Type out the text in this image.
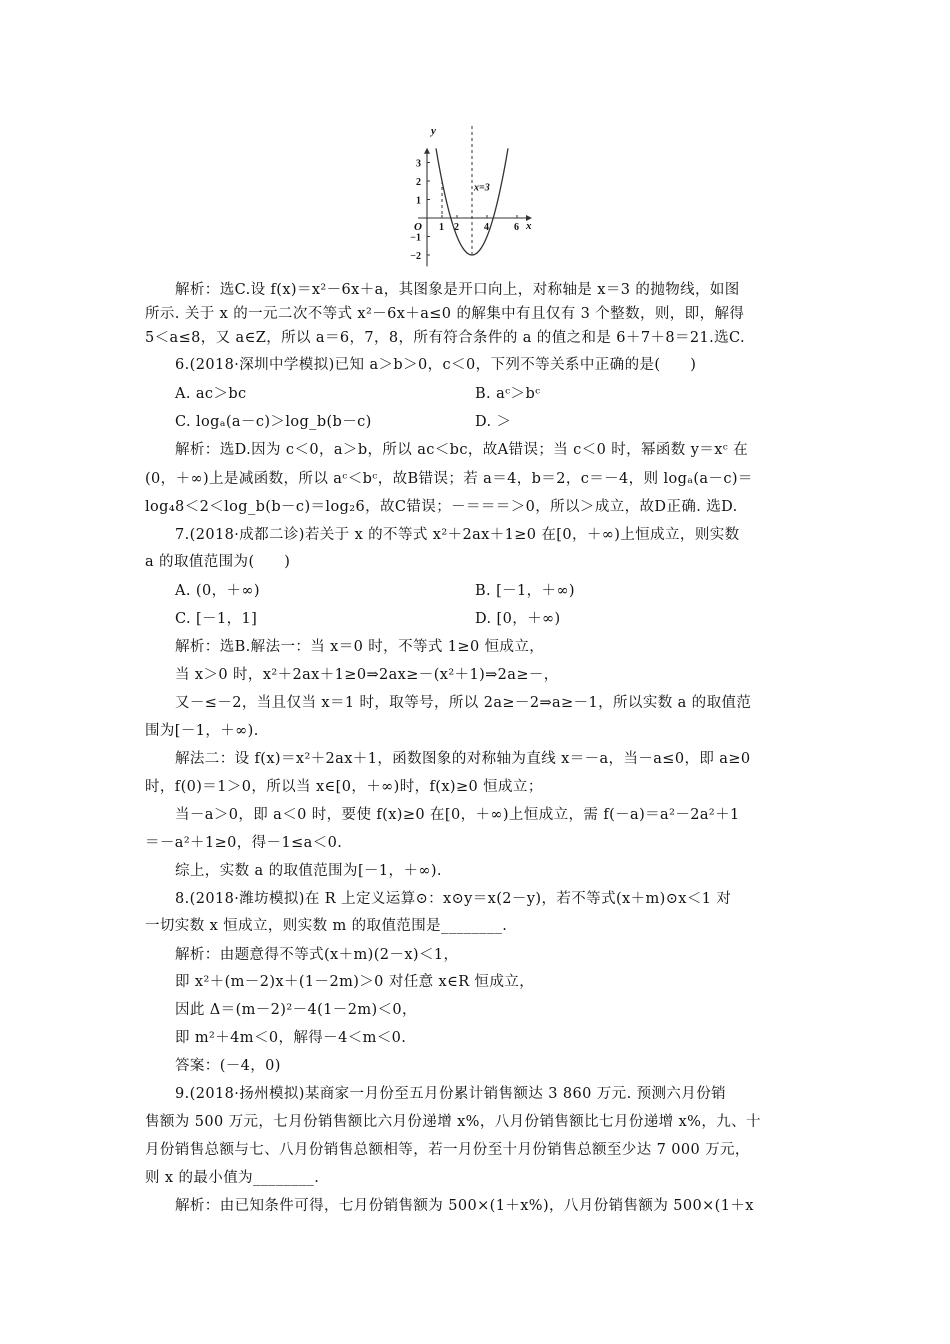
1 2	4	6
3
2
1
−1
−2
x=3
y
x
O
解析：选C.设 f(x)＝x²－6x＋a，其图象是开口向上，对称轴是 x＝3 的抛物线，如图
所示. 关于 x 的一元二次不等式 x²－6x＋a≤0 的解集中有且仅有 3 个整数，则，即，解得
5＜a≤8，又 a∈Z，所以 a＝6，7，8，所有符合条件的 a 的值之和是 6＋7＋8＝21.选C.
6.(2018·深圳中学模拟)已知 a＞b＞0，c＜0，下列不等关系中正确的是(　　)
A. ac＞bc	B. aᶜ＞bᶜ
C. logₐ(a－c)＞log_b(b－c)	D. ＞
解析：选D.因为 c＜0，a＞b，所以 ac＜bc，故A错误；当 c＜0 时，幂函数 y＝xᶜ 在
(0，＋∞)上是减函数，所以 aᶜ＜bᶜ，故B错误；若 a＝4，b＝2，c＝－4，则 logₐ(a－c)＝
log₄8＜2＜log_b(b－c)＝log₂6，故C错误；－＝＝＝＞0，所以＞成立，故D正确. 选D.
7.(2018·成都二诊)若关于 x 的不等式 x²＋2ax＋1≥0 在[0，＋∞)上恒成立，则实数
a 的取值范围为(　　)
A. (0，＋∞)	B. [－1，＋∞)
C. [－1，1]	D. [0，＋∞)
解析：选B.解法一：当 x＝0 时，不等式 1≥0 恒成立，
当 x＞0 时，x²＋2ax＋1≥0⇒2ax≥－(x²＋1)⇒2a≥－，
又－≤－2，当且仅当 x＝1 时，取等号，所以 2a≥－2⇒a≥－1，所以实数 a 的取值范
围为[－1，＋∞).
解法二：设 f(x)＝x²＋2ax＋1，函数图象的对称轴为直线 x＝－a，当－a≤0，即 a≥0
时，f(0)＝1＞0，所以当 x∈[0，＋∞)时，f(x)≥0 恒成立；
当－a＞0，即 a＜0 时，要使 f(x)≥0 在[0，＋∞)上恒成立，需 f(－a)＝a²－2a²＋1
＝－a²＋1≥0，得－1≤a＜0.
综上，实数 a 的取值范围为[－1，＋∞).
8.(2018·潍坊模拟)在 R 上定义运算⊙：x⊙y＝x(2－y)，若不等式(x＋m)⊙x＜1 对
一切实数 x 恒成立，则实数 m 的取值范围是________.
解析：由题意得不等式(x＋m)(2－x)＜1，
即 x²＋(m－2)x＋(1－2m)＞0 对任意 x∈R 恒成立，
因此 Δ＝(m－2)²－4(1－2m)＜0，
即 m²＋4m＜0，解得－4＜m＜0.
答案：(－4，0)
9.(2018·扬州模拟)某商家一月份至五月份累计销售额达 3 860 万元. 预测六月份销
售额为 500 万元，七月份销售额比六月份递增 x%，八月份销售额比七月份递增 x%，九、十
月份销售总额与七、八月份销售总额相等，若一月份至十月份销售总额至少达 7 000 万元，
则 x 的最小值为________.
解析：由已知条件可得，七月份销售额为 500×(1＋x%)，八月份销售额为 500×(1＋x
